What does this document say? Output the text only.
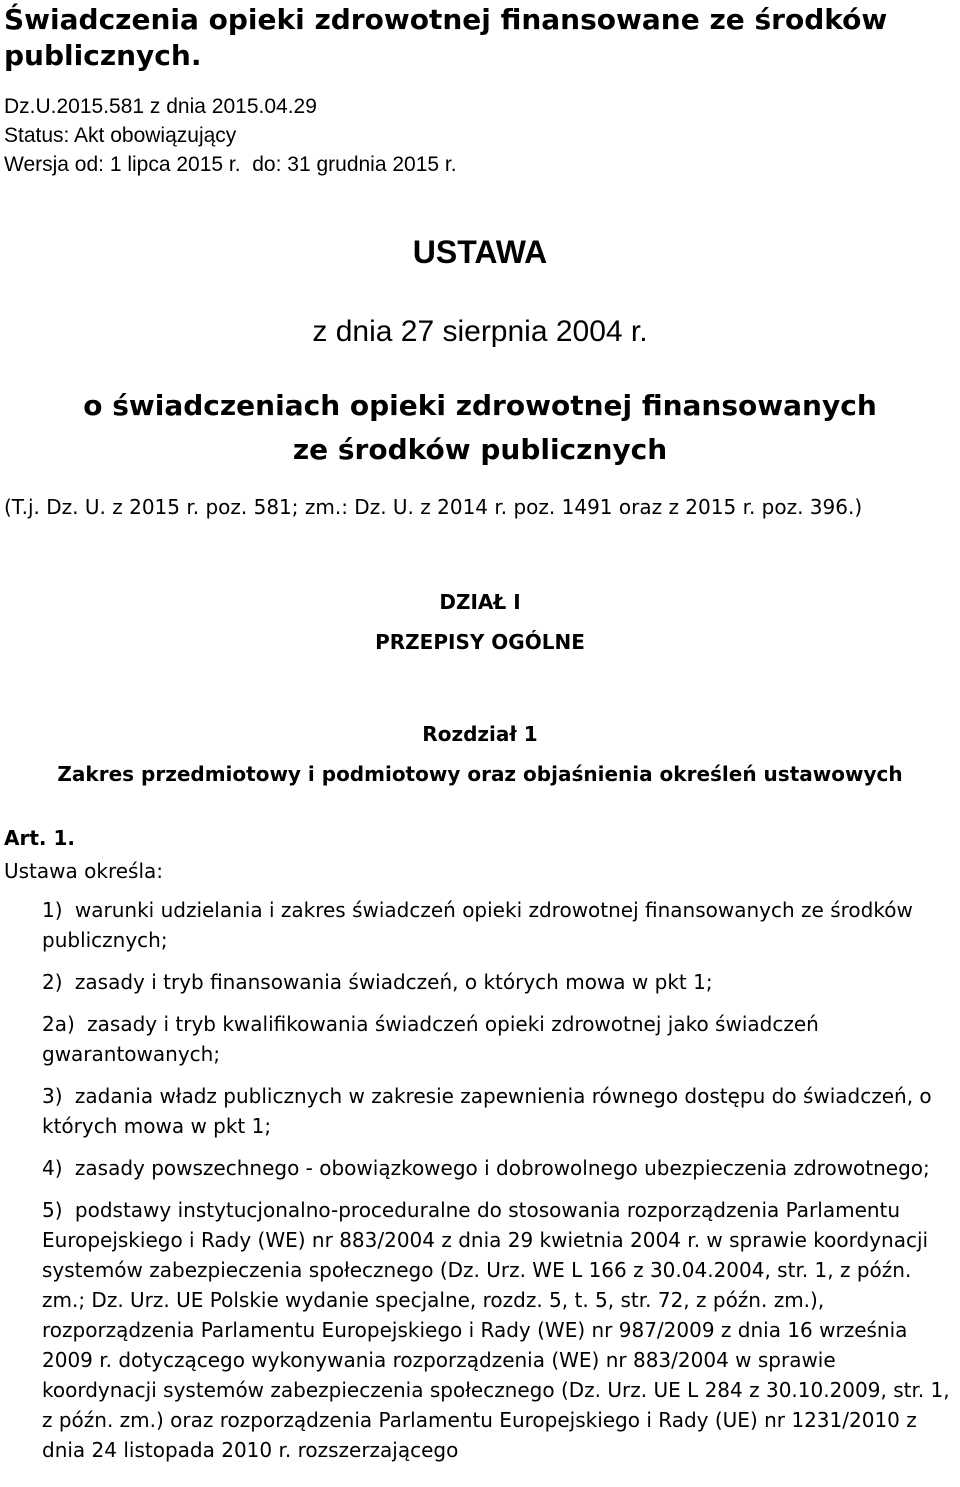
Świadczenia opieki zdrowotnej finansowane ze środków publicznych.
Dz.U.2015.581 z dnia 2015.04.29
Status: Akt obowiązujący
Wersja od: 1 lipca 2015 r.  do: 31 grudnia 2015 r.
USTAWA
z dnia 27 sierpnia 2004 r.
o świadczeniach opieki zdrowotnej finansowanych ze środków publicznych
(T.j. Dz. U. z 2015 r. poz. 581; zm.: Dz. U. z 2014 r. poz. 1491 oraz z 2015 r. poz. 396.)
DZIAŁ I
PRZEPISY OGÓLNE
Rozdział 1
Zakres przedmiotowy i podmiotowy oraz objaśnienia określeń ustawowych
Art. 1.
Ustawa określa:
1) warunki udzielania i zakres świadczeń opieki zdrowotnej finansowanych ze środków publicznych;
2) zasady i tryb finansowania świadczeń, o których mowa w pkt 1;
2a) zasady i tryb kwalifikowania świadczeń opieki zdrowotnej jako świadczeń gwarantowanych;
3) zadania władz publicznych w zakresie zapewnienia równego dostępu do świadczeń, o których mowa w pkt 1;
4) zasady powszechnego - obowiązkowego i dobrowolnego ubezpieczenia zdrowotnego;
5) podstawy instytucjonalno-proceduralne do stosowania rozporządzenia Parlamentu Europejskiego i Rady (WE) nr 883/2004 z dnia 29 kwietnia 2004 r. w sprawie koordynacji systemów zabezpieczenia społecznego (Dz. Urz. WE L 166 z 30.04.2004, str. 1, z późn. zm.; Dz. Urz. UE Polskie wydanie specjalne, rozdz. 5, t. 5, str. 72, z późn. zm.), rozporządzenia Parlamentu Europejskiego i Rady (WE) nr 987/2009 z dnia 16 września 2009 r. dotyczącego wykonywania rozporządzenia (WE) nr 883/2004 w sprawie koordynacji systemów zabezpieczenia społecznego (Dz. Urz. UE L 284 z 30.10.2009, str. 1, z późn. zm.) oraz rozporządzenia Parlamentu Europejskiego i Rady (UE) nr 1231/2010 z dnia 24 listopada 2010 r. rozszerzającego
